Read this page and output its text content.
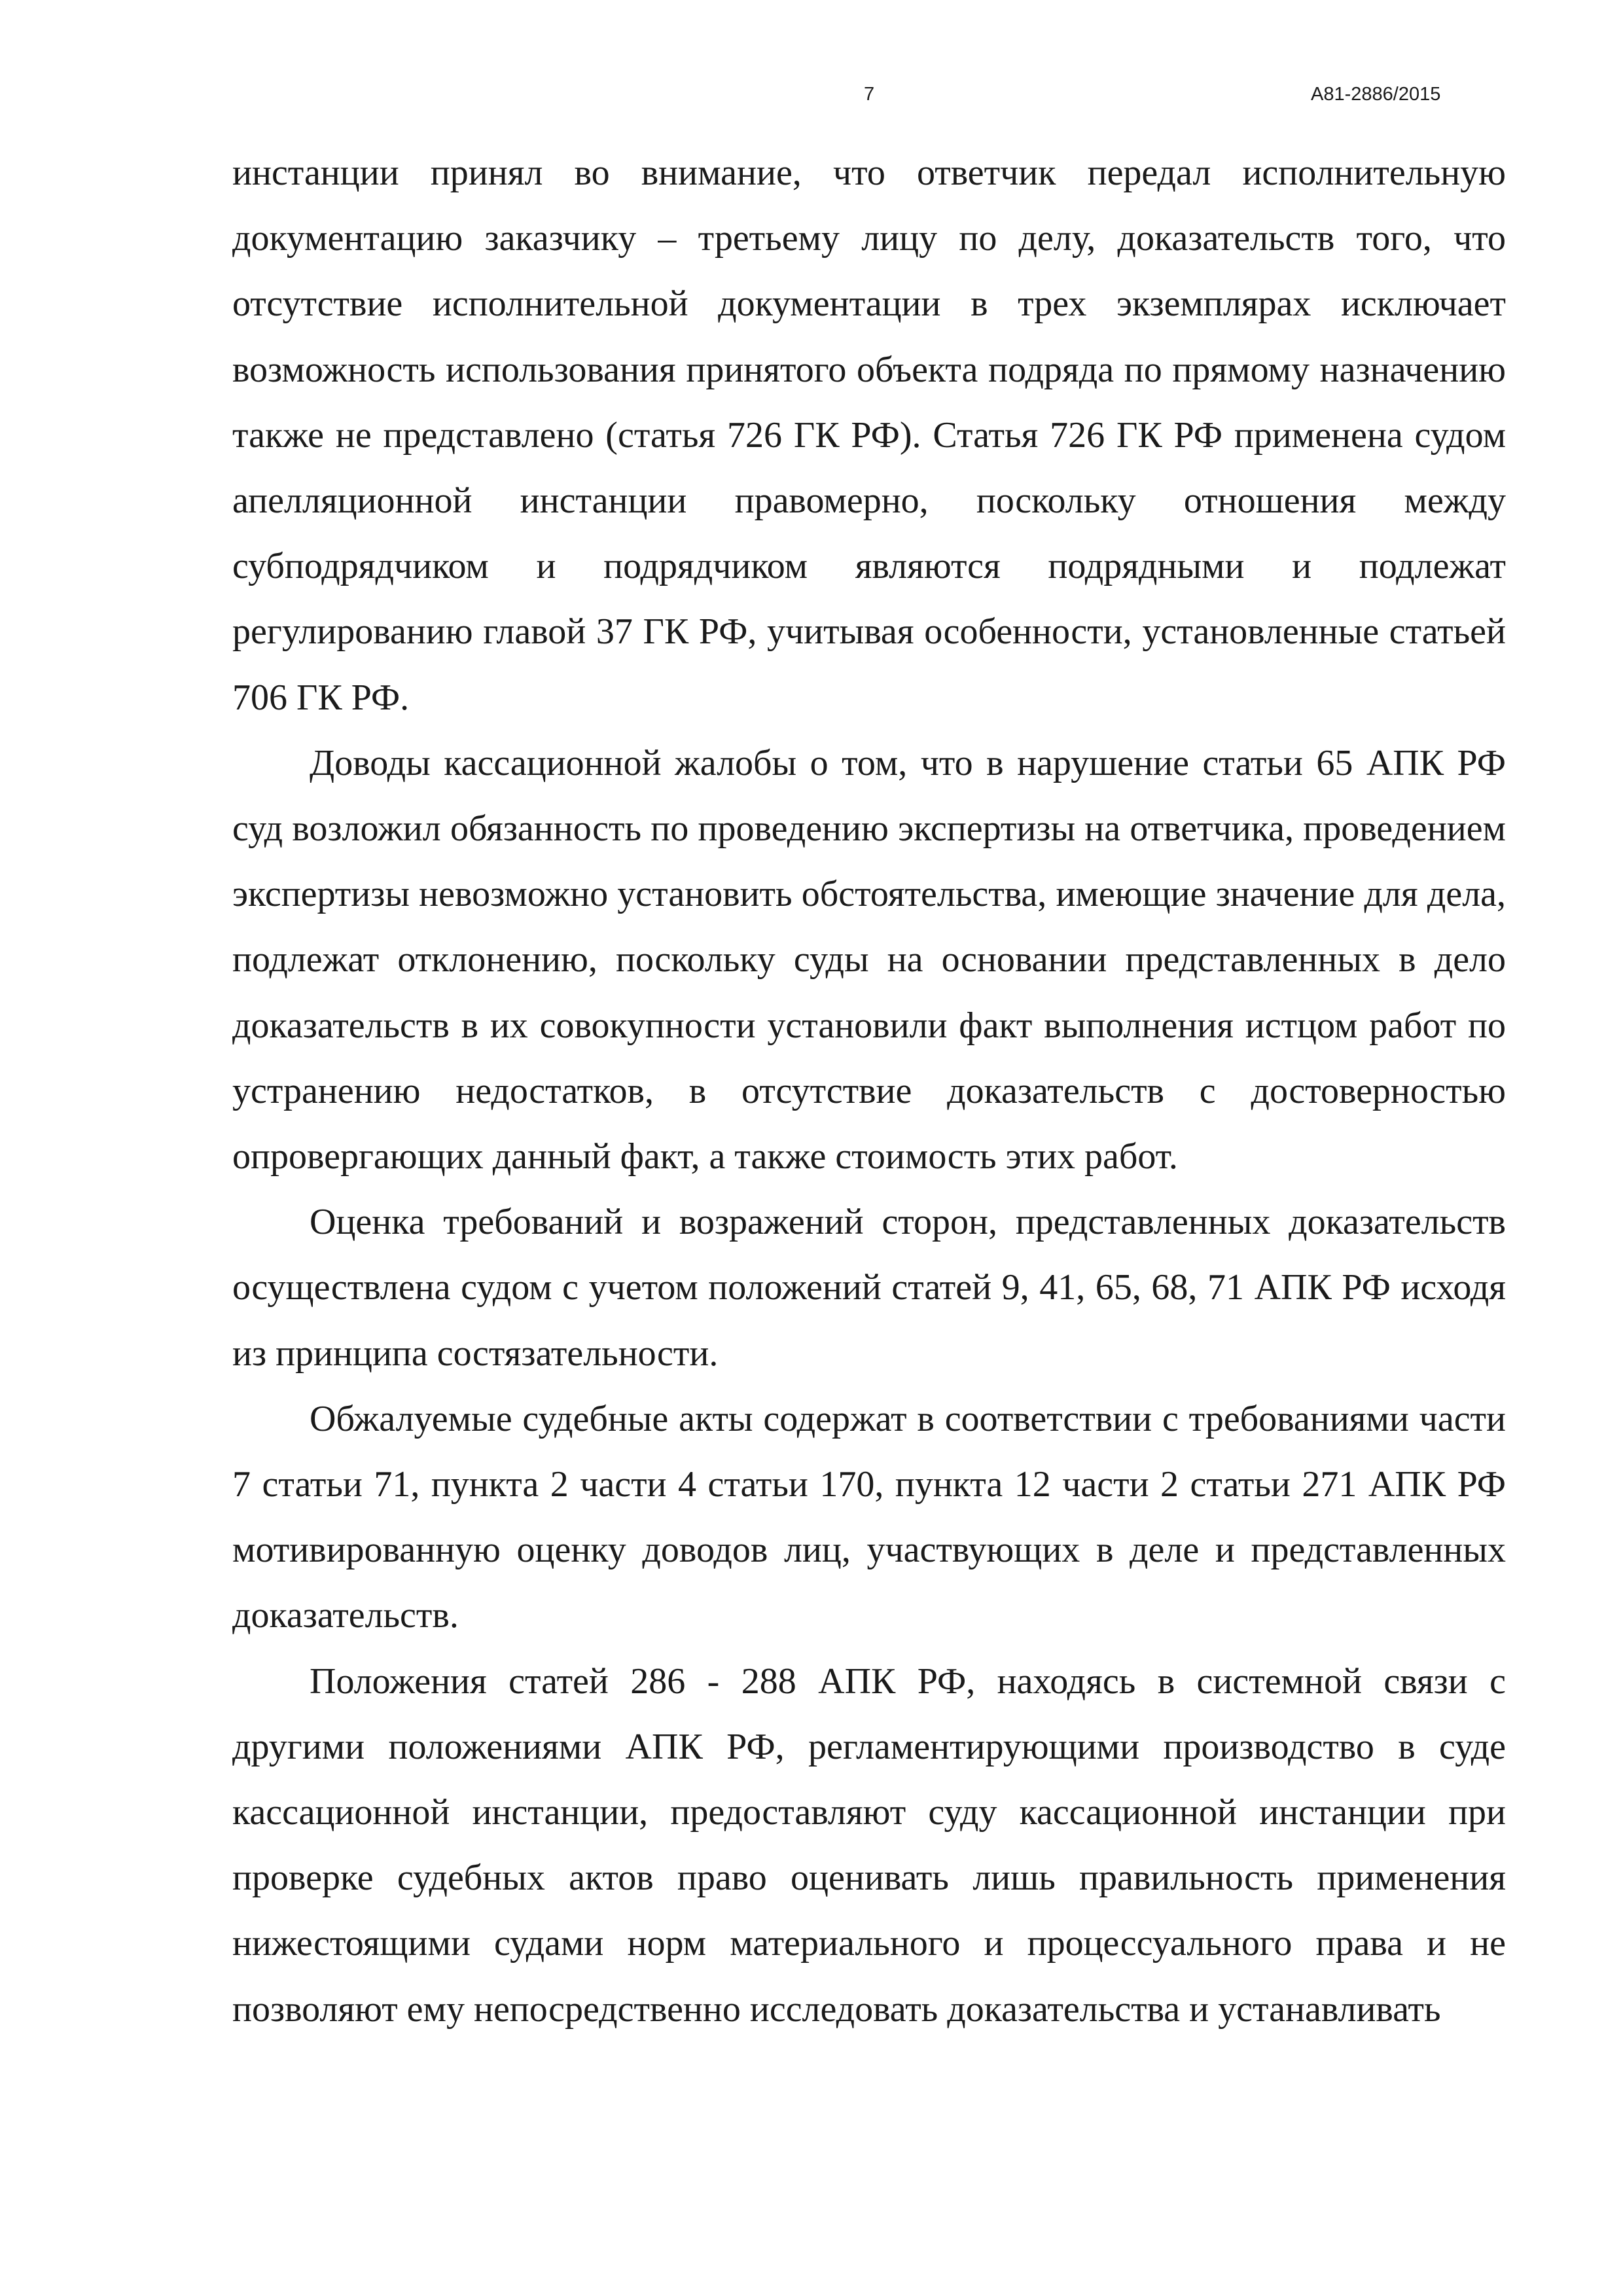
7	А81-2886/2015

инстанции принял во внимание, что ответчик передал исполнительную документацию заказчику – третьему лицу по делу, доказательств того, что отсутствие исполнительной документации в трех экземплярах исключает возможность использования принятого объекта подряда по прямому назначению также не представлено (статья 726 ГК РФ). Статья 726 ГК РФ применена судом апелляционной инстанции правомерно, поскольку отношения между субподрядчиком и подрядчиком являются подрядными и подлежат регулированию главой 37 ГК РФ, учитывая особенности, установленные статьей 706 ГК РФ.

Доводы кассационной жалобы о том, что в нарушение статьи 65 АПК РФ суд возложил обязанность по проведению экспертизы на ответчика, проведением экспертизы невозможно установить обстоятельства, имеющие значение для дела, подлежат отклонению, поскольку суды на основании представленных в дело доказательств в их совокупности установили факт выполнения истцом работ по устранению недостатков, в отсутствие доказательств с достоверностью опровергающих данный факт, а также стоимость этих работ.

Оценка требований и возражений сторон, представленных доказательств осуществлена судом с учетом положений статей 9, 41, 65, 68, 71 АПК РФ исходя из принципа состязательности.

Обжалуемые судебные акты содержат в соответствии с требованиями части 7 статьи 71, пункта 2 части 4 статьи 170, пункта 12 части 2 статьи 271 АПК РФ мотивированную оценку доводов лиц, участвующих в деле и представленных доказательств.

Положения статей 286 - 288 АПК РФ, находясь в системной связи с другими положениями АПК РФ, регламентирующими производство в суде кассационной инстанции, предоставляют суду кассационной инстанции при проверке судебных актов право оценивать лишь правильность применения нижестоящими судами норм материального и процессуального права и не позволяют ему непосредственно исследовать доказательства и устанавливать
